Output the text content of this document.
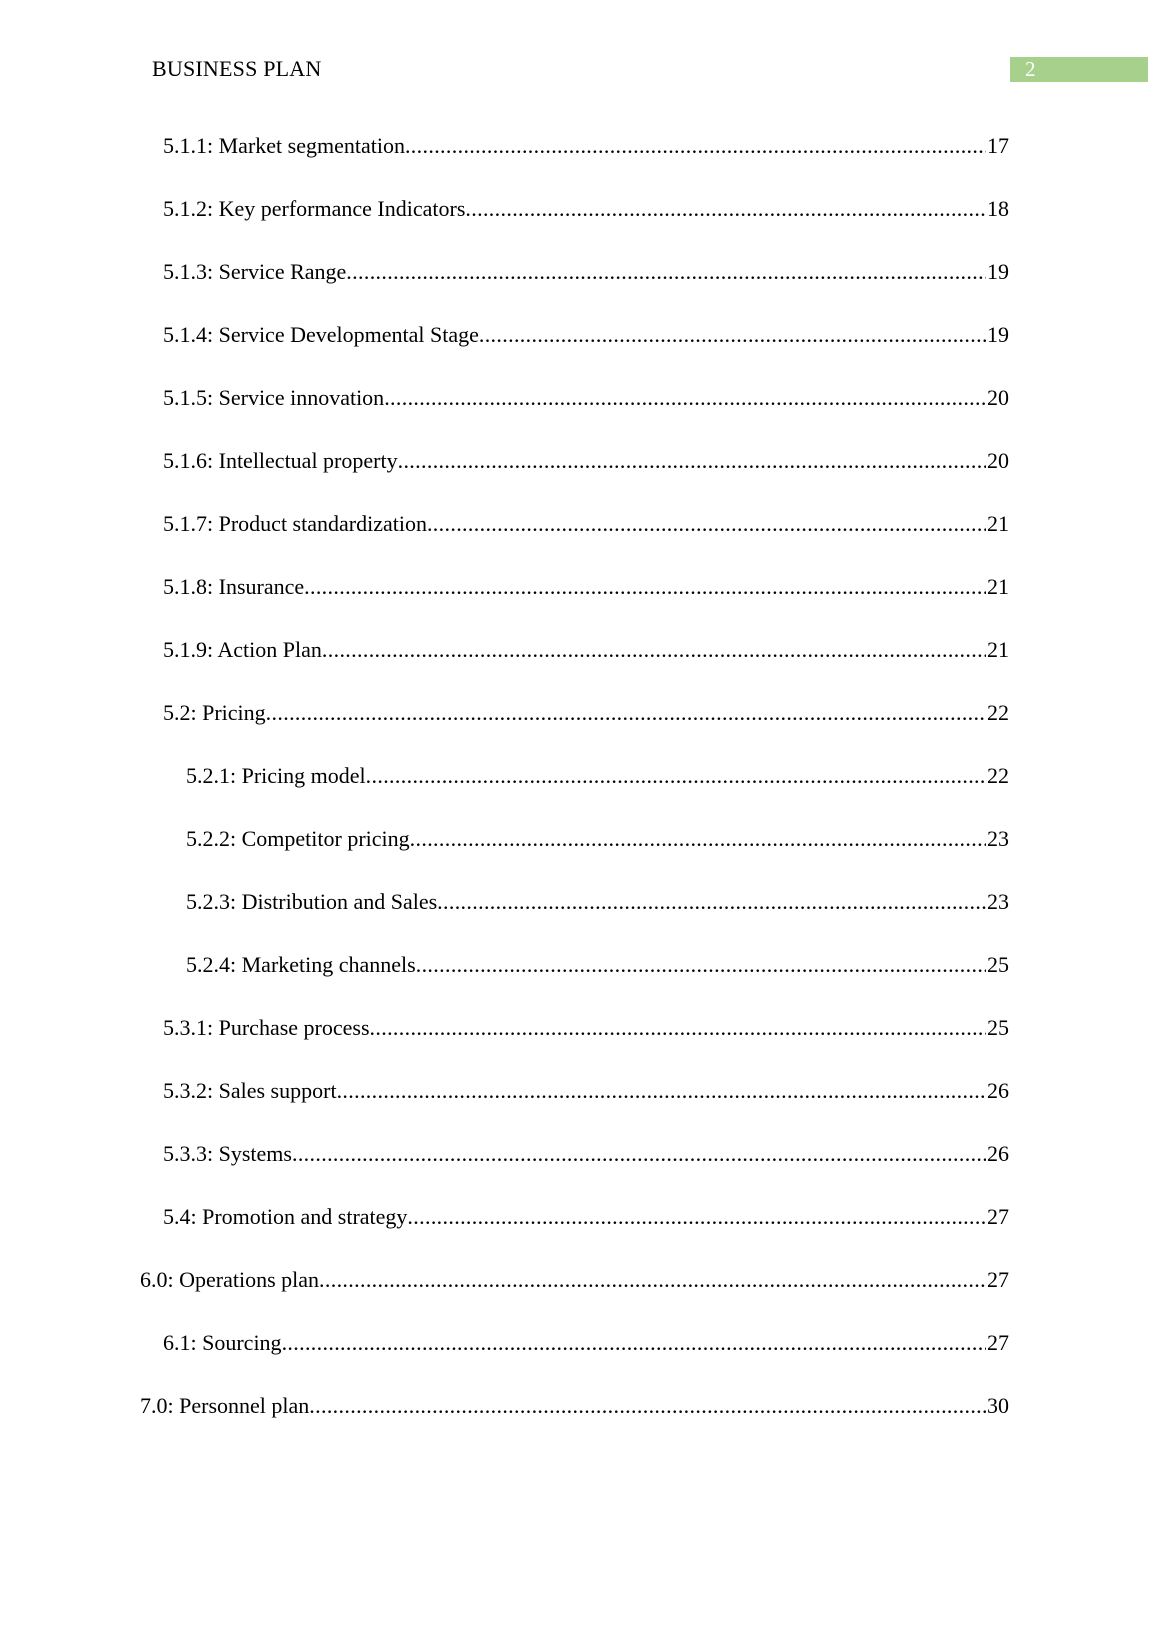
BUSINESS PLAN	2
5.1.1: Market segmentation .....	17
5.1.2: Key performance Indicators .....	18
5.1.3: Service Range .....	19
5.1.4: Service Developmental Stage .....	19
5.1.5: Service innovation .....	20
5.1.6: Intellectual property .....	20
5.1.7: Product standardization .....	21
5.1.8: Insurance .....	21
5.1.9: Action Plan .....	21
5.2: Pricing .....	22
5.2.1: Pricing model .....	22
5.2.2: Competitor pricing .....	23
5.2.3: Distribution and Sales .....	23
5.2.4: Marketing channels .....	25
5.3.1: Purchase process .....	25
5.3.2: Sales support .....	26
5.3.3: Systems .....	26
5.4: Promotion and strategy .....	27
6.0: Operations plan .....	27
6.1: Sourcing .....	27
7.0: Personnel plan .....	30
